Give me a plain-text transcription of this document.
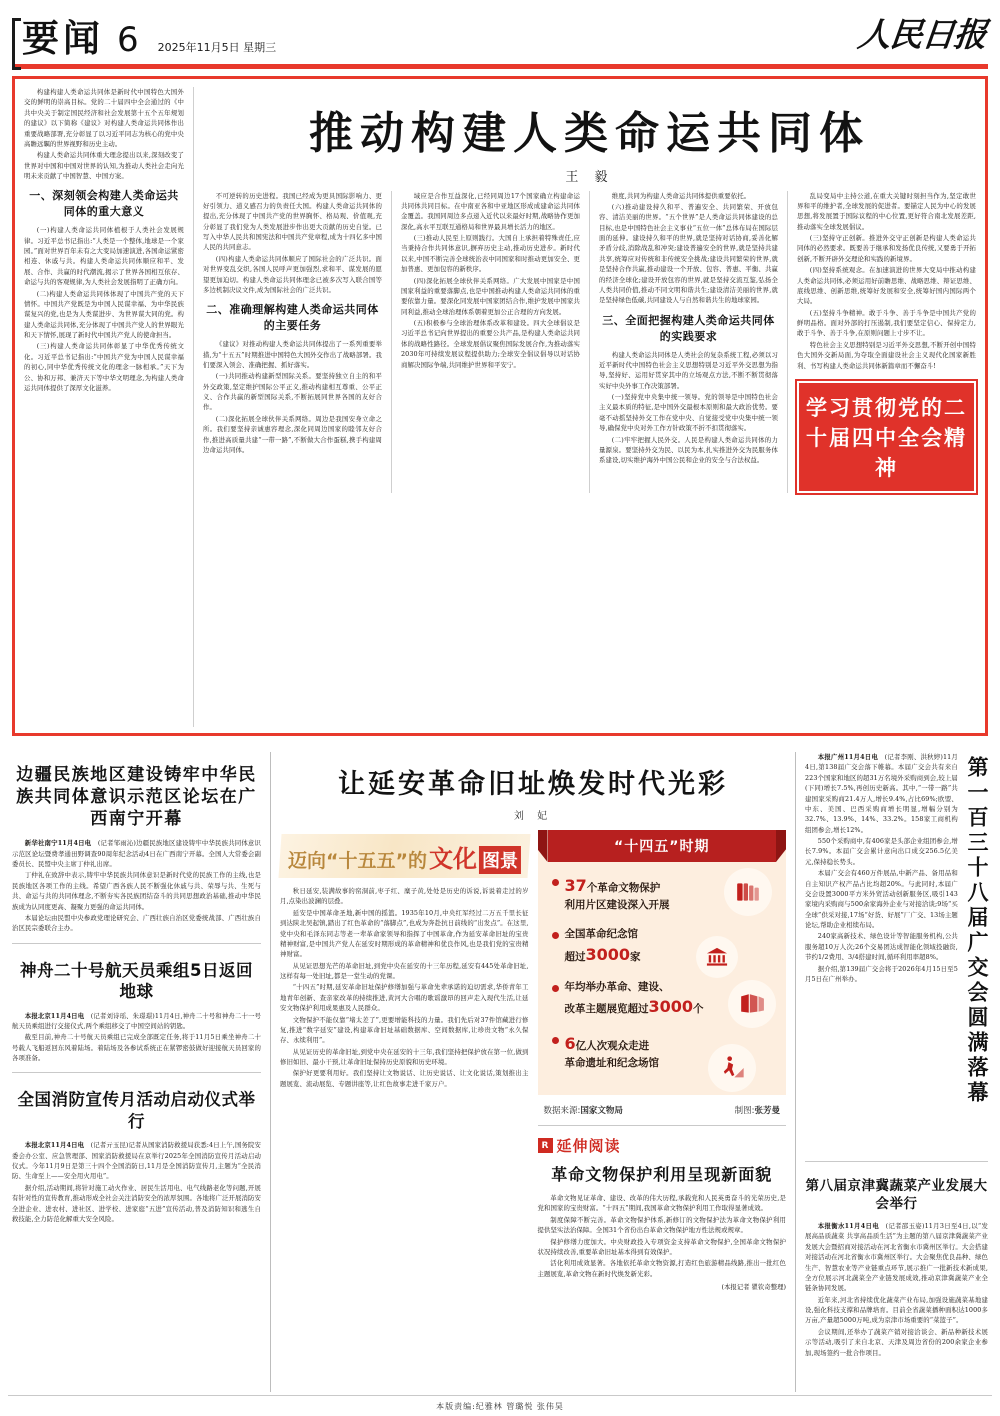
要闻 6 2025年11月5日 星期三	人民日报

构建构建人类命运共同体是新时代中国特色大国外交的鲜明的崇高目标。党的二十届四中全会通过的《中共中央关于制定国民经济和社会发展第十五个五年规划的建议》以下简称《建议》对构建人类命运共同体作出重要战略部署,充分彰显了以习近平同志为核心的党中央高瞻远瞩的世界视野和历史主动。

构建人类命运共同体重大理念提出以来,深刻改变了世界对中国和中国对世界的认知,为推动人类社会走向光明未来贡献了中国智慧、中国方案。

一、深刻领会构建人类命运共同体的重大意义

(一)构建人类命运共同体植根于人类社会发展规律。习近平总书记指出:“人类是一个整体,地球是一个家园。”面对世界百年未有之大变局加速演进,各国命运紧密相连、休戚与共。构建人类命运共同体顺应和平、发展、合作、共赢的时代潮流,揭示了世界各国相互依存、命运与共的客观规律,为人类社会发展指明了正确方向。

(二)构建人类命运共同体体现了中国共产党的天下情怀。中国共产党既是为中国人民谋幸福、为中华民族谋复兴的党,也是为人类谋进步、为世界谋大同的党。构建人类命运共同体,充分体现了中国共产党人的世界眼光和天下情怀,展现了新时代中国共产党人的使命担当。

(三)构建人类命运共同体彰显了中华优秀传统文化。习近平总书记指出:“中国共产党为中国人民谋幸福的初心,同中华优秀传统文化的理念一脉相承。”天下为公、协和万邦、兼济天下等中华文明理念,为构建人类命运共同体提供了深厚文化滋养。

推动构建人类命运共同体
王 毅

不可逆转的历史进程。我国已经成为更具国际影响力、更好引领力、道义感召力的负责任大国。构建人类命运共同体的提出,充分体现了中国共产党的世界胸怀、格局观、价值观,充分彰显了我们党为人类发展进步作出更大贡献的历史自觉。已写入中华人民共和国宪法和中国共产党章程,成为十四亿多中国人民的共同意志。

(四)构建人类命运共同体顺应了国际社会的广泛共识。面对世界变乱交织,各国人民呼声更加强烈,求和平、谋发展的愿望更加迫切。构建人类命运共同体理念已被多次写入联合国等多边机制决议文件,成为国际社会的广泛共识。

二、准确理解构建人类命运共同体的主要任务

《建议》对推动构建人类命运共同体提出了一系列重要举措,为“十五五”时期推进中国特色大国外交作出了战略部署。我们要深入领会、准确把握、抓好落实。

(一)共同推动构建新型国际关系。要坚持独立自主的和平外交政策,坚定维护国际公平正义,推动构建相互尊重、公平正义、合作共赢的新型国际关系,不断拓展同世界各国的友好合作。

(二)深化拓展全球伙伴关系网络。周边是我国安身立命之所。我们要坚持亲诚惠容理念,深化同周边国家的睦邻友好合作,推进高质量共建“一带一路”,不断做大合作蛋糕,携手构建周边命运共同体。

域应是合作互益深化,已经同周边17个国家确立构建命运共同体共同目标。在中南亚各和中亚地区形成成建命运共同体金覆盖。我国同周边多点递入近代以来最好时期,战略协作更加深化,高水平互联互通格局和世界最具增长活力的地区。

(三)推动人民至上原则践行。大国自上承担着特殊责任,应当秉持合作共同体意识,摒弃历史主动,推动历史进步。新时代以来,中国不断完善全球统治表中同国家和时推动更加安全、更加普惠、更加包容的新秩序。

(四)深化拓展全球伙伴关系网络。广大发展中国家是中国国家利益的重要落脚点,也是中国推动构建人类命运共同体的重要依靠力量。要深化同发展中国家团结合作,维护发展中国家共同利益,推动全球治理体系朝着更加公正合理的方向发展。

(五)积极参与全球治理体系改革和建设。四大全球倡议是习近平总书记向世界提出的重要公共产品,是构建人类命运共同体的战略性路径。全球发展倡议聚焦国际发展合作,为推动落实2030年可持续发展议程提供助力;全球安全倡议倡导以对话协商解决国际争端,共同维护世界和平安宁。

维度,共同为构建人类命运共同体提供重要依托。

(六)推动建设持久和平、普遍安全、共同繁荣、开放包容、清洁美丽的世界。“五个世界”是人类命运共同体建设的总目标,也是中国特色社会主义事业“五位一体”总体布局在国际层面的延伸。建设持久和平的世界,就是坚持对话协商,妥善化解矛盾分歧,消除战乱和冲突;建设普遍安全的世界,就是坚持共建共享,统筹应对传统和非传统安全挑战;建设共同繁荣的世界,就是坚持合作共赢,推动建设一个开放、包容、普惠、平衡、共赢的经济全球化;建设开放包容的世界,就是坚持交流互鉴,弘扬全人类共同价值,推动不同文明和谐共生;建设清洁美丽的世界,就是坚持绿色低碳,共同建设人与自然和谐共生的地球家园。

三、全面把握构建人类命运共同体的实践要求

构建人类命运共同体是人类社会的复杂系统工程,必须以习近平新时代中国特色社会主义思想特别是习近平外交思想为指导,坚持好、运用好贯穿其中的立场观点方法,不断不断贯彻落实好中央外事工作决策部署。

(一)坚持党中央集中统一领导。党的领导是中国特色社会主义最本质的特征,是中国外交最根本原则和最大政治优势。要毫不动摇坚持外交工作在党中央、自觉接受党中央集中统一领导,确保党中央对外工作方针政策不折不扣贯彻落实。

(二)牢牢把握人民外交。人民是构建人类命运共同体的力量源泉。要坚持外交为民、以民为本,扎实推进外交为民服务体系建设,切实维护海外中国公民和企业的安全与合法权益。

乱局变局中主持公道,在重大关键时刻担当作为,坚定敢世界和平的维护者,全球发展的促进者。要锚定人民为中心的发展思想,将发展置于国际议程的中心位置,更好符合南北发展差距,推动落实全球发展倡议。

(三)坚持守正创新。推进外交守正创新是构建人类命运共同体的必然要求。既要善于继承和发扬优良传统,又要勇于开拓创新,不断开辟外交理论和实践的新境界。

(四)坚持系统观念。在加速演进的世界大变局中推动构建人类命运共同体,必须运用好前瞻思维、战略思维、辩证思维、底线思维、创新思维,统筹好发展和安全,统筹好国内国际两个大局。

(五)坚持斗争精神。敢于斗争、善于斗争是中国共产党的鲜明品格。面对外部的打压遏制,我们要坚定信心、保持定力,敢于斗争、善于斗争,在原则问题上寸步不让。

特色社会主义思想特别是习近平外交思想,不断开创中国特色大国外交新局面,为夺取全面建设社会主义现代化国家新胜利、书写构建人类命运共同体新篇章而不懈奋斗!

学习贯彻党的二十届四中全会精神
边疆民族地区建设铸牢中华民族共同体意识示范区论坛在广西南宁开幕

新华社南宁11月4日电　 (记者邹雨沁)边疆民族地区建设铸牢中华民族共同体意识示范区论坛暨费孝通田野调查90周年纪念活动4日在广西南宁开幕。全国人大常委会副委员长、民盟中央主席丁仲礼出席。

丁仲礼在致辞中表示,铸牢中华民族共同体意识是新时代党的民族工作的主线,也是民族地区各项工作的主线。希望广西各族人民不断强化休戚与共、荣辱与共、生死与共、命运与共的共同体理念,不断夯实各民族团结奋斗的共同思想政治基础,推动中华民族成为认同度更高、凝聚力更强的命运共同体。

本届论坛由民盟中央参政党理论研究会、广西壮族自治区党委统战部、广西壮族自治区民宗委联合主办。

神舟二十号航天员乘组5日返回地球

本报北京11月4日电　 (记者刘诗瑶、朱璟璟)11月4日,神舟二十号和神舟二十一号航天员乘组进行交接仪式,两个乘组移交了中国空间站的钥匙。

截至目前,神舟二十号航天员乘组已完成全部既定任务,将于11月5日乘坐神舟二十号载人飞船返回东风着陆场。着陆场及各参试系统正在紧锣密鼓做好迎接航天员回家的各项准备。

全国消防宣传月活动启动仪式举行

本报北京11月4日电　 (记者亓玉昆)记者从国家消防救援局获悉:4日上午,国务院安委会办公室、应急管理部、国家消防救援局在京举行2025年全国消防宣传月活动启动仪式。今年11月9日是第三十四个全国消防日,11月是全国消防宣传月,主题为“全民消防、生命至上——安全用火用电”。

据介绍,活动期间,将针对施工动火作业、居民生活用电、电气线路老化等问题,开展有针对性的宣传教育,推动形成全社会关注消防安全的浓厚氛围。各地将广泛开展消防安全进企业、进农村、进社区、进学校、进家庭“五进”宣传活动,普及消防知识和逃生自救技能,全力防范化解重大安全风险。

让延安革命旧址焕发时代光彩
刘 妃
迈向“十五五”的 文化 图景

秋日延安,装满故事的窑洞前,枣子红、糜子黄,处处是历史的诉说,诉说着走过的岁月,点染出波澜的层叠。

延安是中国革命圣地,新中国的摇篮。1935年10月,中央红军经过二万五千里长征到达陕北吴起镇,踏出了红色革命的“落脚点”,也成为奔赴抗日前线的“出发点”。在这里,党中央和毛泽东同志等老一辈革命家领导和指挥了中国革命,作为延安革命旧址的宝贵精神财富,是中国共产党人在延安时期形成的革命精神和优良作风,也是我们党的宝贵精神财富。

从见证思想光芒的革命旧址,到党中央在延安的十三年历程,延安有445处革命旧址,这样有每一处旧址,都是一堂生动的党课。

“十四五”时期,延安革命旧址保护修缮加强与革命先辈承诺的迫切需求,华侨青年工地青年创新、查亲家改革的持续推进,黄河大合唱的歌谣激昂的回声走入现代生活,让延安文物保护利用成果惠及人民群众。

文物保护不能仅靠“堵太差了”,更要增能科技的力量。我们先后对37件馆藏进行修复,推进“数字延安”建设,构建革命旧址基础数据库、空间数据库,让珍贵文物“永久保存、永续利用”。

从见证历史的革命旧址,到党中央在延安的十三年,我们坚持把保护放在第一位,做到修旧如旧、最小干预,让革命旧址保持历史原貌和历史环境。

保护好更要利用好。我们坚持让文物说话、让历史说话、让文化说话,策划推出主题展览、流动展览、专题讲座等,让红色故事走进千家万户。

“十四五”时期
37个革命文物保护
利用片区建设深入开展
全国革命纪念馆
超过3000家
年均举办革命、建设、
改革主题展览超过3000个
6亿人次观众走进
革命遗址和纪念场馆
数据来源:国家文物局	制图:张芳曼
R 延伸阅读
革命文物保护利用呈现新面貌

革命文物见证革命、建设、改革的伟大历程,承载党和人民英勇奋斗的光荣历史,是党和国家的宝贵财富。“十四五”期间,我国革命文物保护利用工作取得显著成效。

制度保障不断完善。革命文物保护体系,新修订的文物保护法为革命文物保护利用提供坚实法治保障。全国31个省份出台革命文物保护地方性法规或规章。

保护修缮力度加大。中央财政投入专项资金支持革命文物保护,全国革命文物保护状况持续改善,重要革命旧址基本得到有效保护。

活化利用成效显著。各地依托革命文物资源,打造红色旅游精品线路,推出一批红色主题展览,革命文物在新时代焕发新光彩。

(本报记者 瞿钦奇整理)

本报广州11月4日电　 (记者李刚、洪秋婷)11月4日,第138届广交会落下帷幕。本届广交会共有来自223个国家和地区的超31万名境外采购商到会,较上届(下同)增长7.5%,再创历史新高。其中,“一带一路”共建国家采购商21.4万人,增长9.4%,占比69%;欧盟、中东、美国、巴西采购商增长明显,增幅分别为32.7%、13.9%、14%、33.2%。158家工商机构组团参会,增长12%。

550个采购商中,有406家是头部企业组团参会,增长7.9%。本届广交会累计意向出口成交256.5亿美元,保持稳长势头。

本届广交会有460万件展品,中新产品、备用品和自主知识产权产品占比均超20%。与此同时,本届广交会设置3000平方米外贸活动创新服务区,吸引143家境内采购商与500余家海外企业与对接洽谈;9场“买全球”供采对接,17场“好货、好展”厂广交、13场主题论坛,帮助企业相续布局。

240家高新技术、绿色设计等智能服务机构,公共服务超10万人次;26个交易团达成智能化领域投融资,节约1/2费用、3/4搭建时间,循环利用率超8%。

据介绍,第139届广交会将于2026年4月15日至5月5日在广州举办。	第一百三十八届广交会圆满落幕
第八届京津冀蔬菜产业发展大会举行

本报衡水11月4日电　 (记者邵玉姿)11月3日至4日,以“发展高品质蔬菜 共享高品质生活”为主题的第八届京津冀蔬菜产业发展大会暨招商对接活动在河北省衡水市冀州区举行。大会搭建对接活动在河北省衡水市冀州区举行。大会聚焦优良品种、绿色生产、智慧农业等产业链重点环节,展示推广一批新技术新成果,全方位展示河北蔬菜全产业链发展成效,推动京津冀蔬菜产业全链条协同发展。

近年来,河北省持续优化蔬菜产业布局,加强设施蔬菜基地建设,强化科技支撑和品牌培育。目前全省蔬菜播种面积达1000多万亩,产量超5000万吨,成为京津市场重要的“菜篮子”。

会议期间,还举办了蔬菜产销对接洽谈会、新品种新技术展示等活动,吸引了来自北京、天津及周边省份的200余家企业参加,现场签约一批合作项目。

本版责编:纪雅林 管璐悦 张伟昊
